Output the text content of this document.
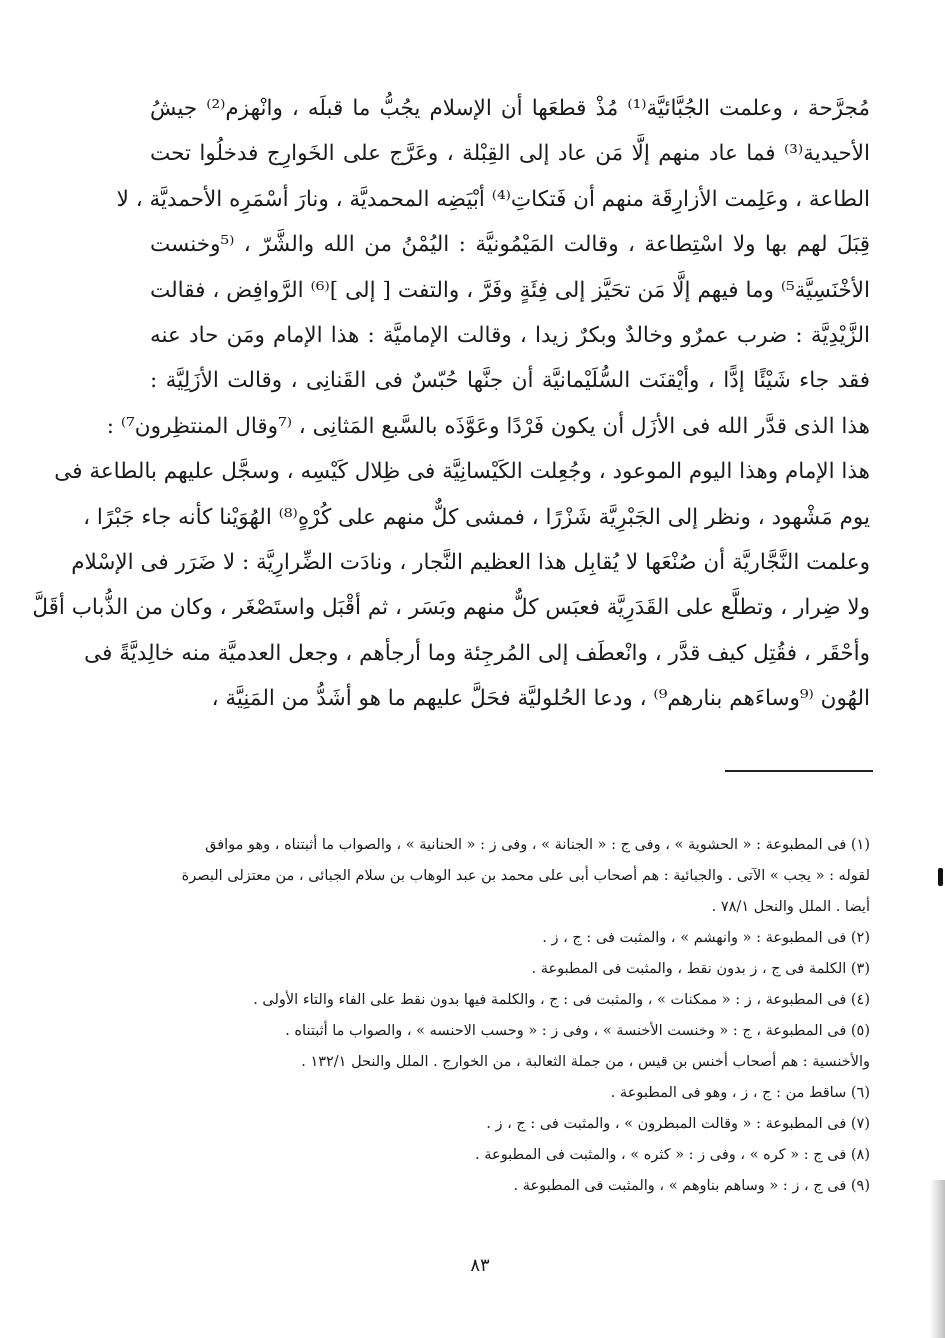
مُجرَّحة ، وعلمت الجُبَّائيَّة⁽¹⁾ مُذْ قطعَها أن الإسلام يجُبُّ ما قبلَه ، وانْهزم⁽²⁾ جيشُ
الأحيدية⁽³⁾ فما عاد منهم إلَّا مَن عاد إلى القِبْلة ، وعَرَّج على الخَوارِج فدخلُوا تحت
الطاعة ، وعَلِمت الأزارِقَة منهم أن فَتكاتِ⁽⁴⁾ أبْيَضِه المحمديَّة ، ونارَ أسْمَرِه الأحمديَّة ، لا
قِبَلَ لهم بها ولا اسْتِطاعة ، وقالت المَيْمُونيَّة : اليُمْنُ من الله والشَّرّ ، ⁽⁵وخنست
الأخْنَسِيَّة⁵⁾ وما فيهم إلَّا مَن تحَيَّز إلى فِئَةٍ وفَرَّ ، والتفت [ إلى ]⁽⁶⁾ الرَّوافِض ، فقالت
الزَّيْدِيَّة : ضرب عمرٌو وخالدٌ وبكرٌ زيدا ، وقالت الإماميَّة : هذا الإمام ومَن حاد عنه
فقد جاء شَيْئًا إدًّا ، وأيْقنَت السُّلَيْمانيَّة أن جنَّها حُبّسٌ فى القَنانِى ، وقالت الأزَلِيَّة :
هذا الذى قدَّر الله فى الأزَل أن يكون فَرْدًا وعَوَّذَه بالسَّبع المَثانِى ، ⁽⁷وقال المنتظِرون⁷⁾ :
هذا الإمام وهذا اليوم الموعود ، وجُعِلت الكَيْسانِيَّة فى ظِلال كَيْسِه ، وسجَّل عليهم بالطاعة فى
يوم مَشْهود ، ونظر إلى الجَبْرِيَّة شَزْرًا ، فمشى كلٌّ منهم على كُرْهٍ⁽⁸⁾ الهُوَيْنا كأنه جاء جَبْرًا ،
وعلمت النَّجَّاريَّة أن صُنْعَها لا يُقابِل هذا العظيم النَّجار ، ونادَت الضِّرارِيَّة : لا ضَرَر فى الإسْلام
ولا ضِرار ، وتطلَّع على القَدَرِيَّة فعبَس كلٌّ منهم وبَسَر ، ثم أقْبَل واستَصْغَر ، وكان من الذُّباب أقَلَّ
وأحْقَر ، فقُتِل كيف قدَّر ، وانْعطَف إلى المُرجِئة وما أرجأهم ، وجعل العدميَّة منه خالِديَّةً فى
الهُون ⁽⁹وساءَهم بنارهم⁹⁾ ، ودعا الحُلوليَّة فحَلَّ عليهم ما هو أشَدُّ من المَنِيَّة ،
(١) فى المطبوعة : « الحشوية » ، وفى ج : « الجنانة » ، وفى ز : « الحنانية » ، والصواب ما أثبتناه ، وهو موافق
لقوله : « يجب » الآتى . والجبائية : هم أصحاب أبى على محمد بن عبد الوهاب بن سلام الجبائى ، من معتزلى البصرة
أيضا . الملل والنحل ٧٨/١ .
(٢) فى المطبوعة : « وانهشم » ، والمثبت فى : ج ، ز .
(٣) الكلمة فى ج ، ز بدون نقط ، والمثبت فى المطبوعة .
(٤) فى المطبوعة ، ز : « ممكنات » ، والمثبت فى : ج ، والكلمة فيها بدون نقط على الفاء والتاء الأولى .
(٥) فى المطبوعة ، ج : « وخنست الأخنسة » ، وفى ز : « وحسب الاحنسه » ، والصواب ما أثبتناه .
والأخنسية : هم أصحاب أخنس بن قيس ، من جملة الثعالبة ، من الخوارج . الملل والنحل ١٣٢/١ .
(٦) ساقط من : ج ، ز ، وهو فى المطبوعة .
(٧) فى المطبوعة : « وقالت المبطرون » ، والمثبت فى : ج ، ز .
(٨) فى ج : « كره » ، وفى ز : « كثره » ، والمثبت فى المطبوعة .
(٩) فى ج ، ز : « وساهم بناوهم » ، والمثبت فى المطبوعة .
٨٣
